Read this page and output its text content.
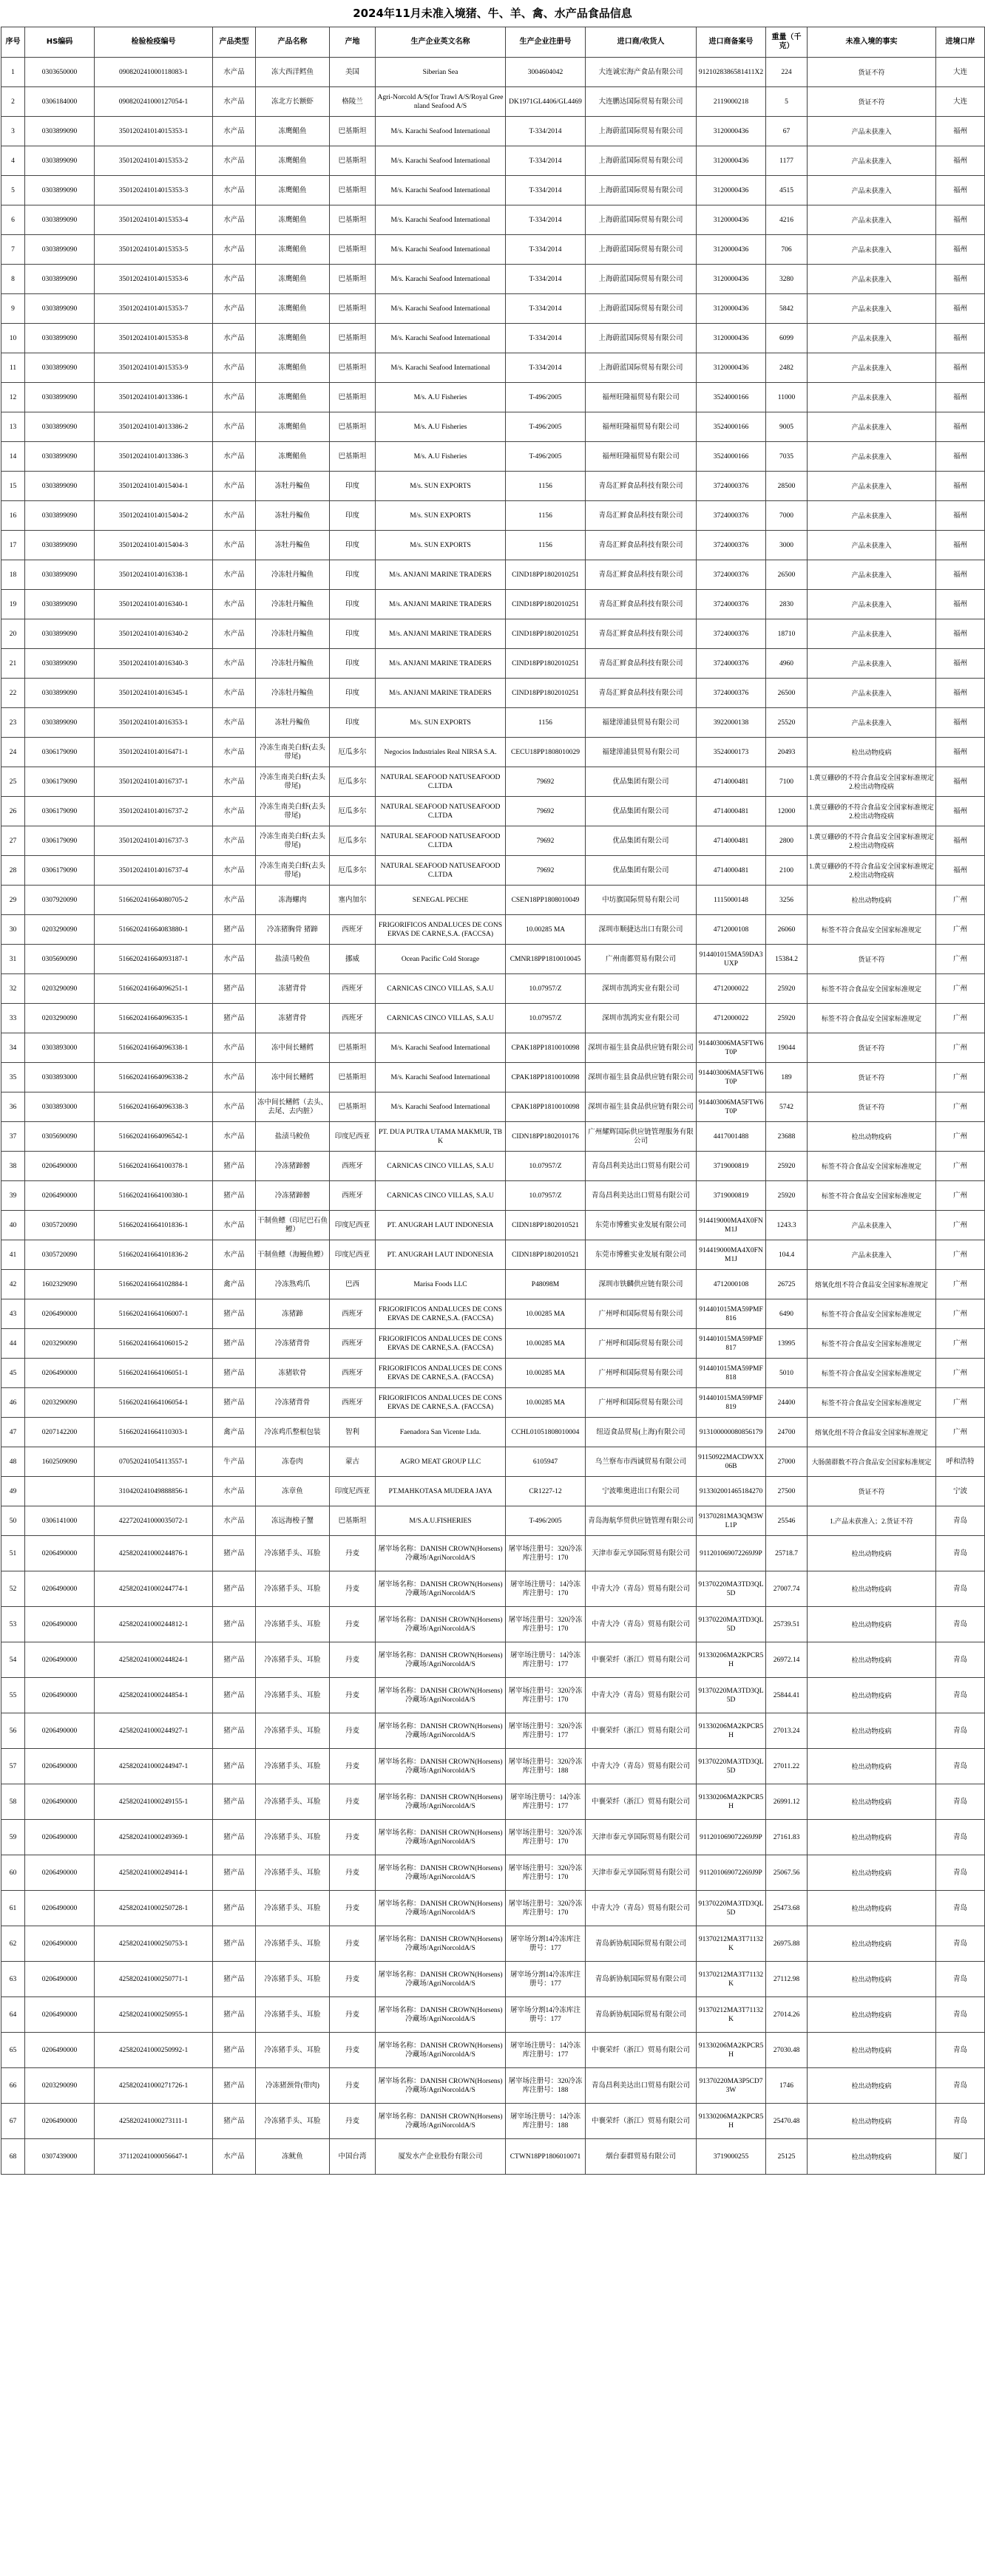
2024年11月未准入境猪、牛、羊、禽、水产品食品信息
序号	HS编码	检验检疫编号	产品类型	产品名称	产地	生产企业英文名称	生产企业注册号	进口商/收货人	进口商备案号	重量（千克）	未准入境的事实	进境口岸
1	0303650000	090820241000118083-1	水产品	冻大西洋鳕鱼	美国	Siberian Sea	3004604042	大连诚宏海产食品有限公司	9121028386581411X2	224	货证不符	大连
2	0306184000	090820241000127054-1	水产品	冻北方长额虾	格陵兰	Agri-Norcold A/S(for Trawl A/S/Royal Greenland Seafood A/S	DK1971GL4406/GL4469	大连鹏达国际贸易有限公司	2119000218	5	货证不符	大连
3	0303899090	350120241014015353-1	水产品	冻鹰鲳鱼	巴基斯坦	M/s. Karachi Seafood International	T-334/2014	上海蔚蓝国际贸易有限公司	3120000436	67	产品未获准入	福州
4	0303899090	350120241014015353-2	水产品	冻鹰鲳鱼	巴基斯坦	M/s. Karachi Seafood International	T-334/2014	上海蔚蓝国际贸易有限公司	3120000436	1177	产品未获准入	福州
5	0303899090	350120241014015353-3	水产品	冻鹰鲳鱼	巴基斯坦	M/s. Karachi Seafood International	T-334/2014	上海蔚蓝国际贸易有限公司	3120000436	4515	产品未获准入	福州
6	0303899090	350120241014015353-4	水产品	冻鹰鲳鱼	巴基斯坦	M/s. Karachi Seafood International	T-334/2014	上海蔚蓝国际贸易有限公司	3120000436	4216	产品未获准入	福州
7	0303899090	350120241014015353-5	水产品	冻鹰鲳鱼	巴基斯坦	M/s. Karachi Seafood International	T-334/2014	上海蔚蓝国际贸易有限公司	3120000436	706	产品未获准入	福州
8	0303899090	350120241014015353-6	水产品	冻鹰鲳鱼	巴基斯坦	M/s. Karachi Seafood International	T-334/2014	上海蔚蓝国际贸易有限公司	3120000436	3280	产品未获准入	福州
9	0303899090	350120241014015353-7	水产品	冻鹰鲳鱼	巴基斯坦	M/s. Karachi Seafood International	T-334/2014	上海蔚蓝国际贸易有限公司	3120000436	5842	产品未获准入	福州
10	0303899090	350120241014015353-8	水产品	冻鹰鲳鱼	巴基斯坦	M/s. Karachi Seafood International	T-334/2014	上海蔚蓝国际贸易有限公司	3120000436	6099	产品未获准入	福州
11	0303899090	350120241014015353-9	水产品	冻鹰鲳鱼	巴基斯坦	M/s. Karachi Seafood International	T-334/2014	上海蔚蓝国际贸易有限公司	3120000436	2482	产品未获准入	福州
12	0303899090	350120241014013386-1	水产品	冻鹰鲳鱼	巴基斯坦	M/s. A.U Fisheries	T-496/2005	福州旺隆福贸易有限公司	3524000166	11000	产品未获准入	福州
13	0303899090	350120241014013386-2	水产品	冻鹰鲳鱼	巴基斯坦	M/s. A.U Fisheries	T-496/2005	福州旺隆福贸易有限公司	3524000166	9005	产品未获准入	福州
14	0303899090	350120241014013386-3	水产品	冻鹰鲳鱼	巴基斯坦	M/s. A.U Fisheries	T-496/2005	福州旺隆福贸易有限公司	3524000166	7035	产品未获准入	福州
15	0303899090	350120241014015404-1	水产品	冻牡丹鳊鱼	印度	M/s. SUN EXPORTS	1156	青岛汇鲜食品科技有限公司	3724000376	28500	产品未获准入	福州
16	0303899090	350120241014015404-2	水产品	冻牡丹鳊鱼	印度	M/s. SUN EXPORTS	1156	青岛汇鲜食品科技有限公司	3724000376	7000	产品未获准入	福州
17	0303899090	350120241014015404-3	水产品	冻牡丹鳊鱼	印度	M/s. SUN EXPORTS	1156	青岛汇鲜食品科技有限公司	3724000376	3000	产品未获准入	福州
18	0303899090	350120241014016338-1	水产品	冷冻牡丹鳊鱼	印度	M/s. ANJANI MARINE TRADERS	CIND18PP1802010251	青岛汇鲜食品科技有限公司	3724000376	26500	产品未获准入	福州
19	0303899090	350120241014016340-1	水产品	冷冻牡丹鳊鱼	印度	M/s. ANJANI MARINE TRADERS	CIND18PP1802010251	青岛汇鲜食品科技有限公司	3724000376	2830	产品未获准入	福州
20	0303899090	350120241014016340-2	水产品	冷冻牡丹鳊鱼	印度	M/s. ANJANI MARINE TRADERS	CIND18PP1802010251	青岛汇鲜食品科技有限公司	3724000376	18710	产品未获准入	福州
21	0303899090	350120241014016340-3	水产品	冷冻牡丹鳊鱼	印度	M/s. ANJANI MARINE TRADERS	CIND18PP1802010251	青岛汇鲜食品科技有限公司	3724000376	4960	产品未获准入	福州
22	0303899090	350120241014016345-1	水产品	冷冻牡丹鳊鱼	印度	M/s. ANJANI MARINE TRADERS	CIND18PP1802010251	青岛汇鲜食品科技有限公司	3724000376	26500	产品未获准入	福州
23	0303899090	350120241014016353-1	水产品	冻牡丹鳊鱼	印度	M/s. SUN EXPORTS	1156	福建漳浦县贸易有限公司	3922000138	25520	产品未获准入	福州
24	0306179090	350120241014016471-1	水产品	冷冻生南美白虾(去头带尾)	厄瓜多尔	Negocios Industriales Real NIRSA S.A.	CECU18PP1808010029	福建漳浦县贸易有限公司	3524000173	20493	检出动物疫病	福州
25	0306179090	350120241014016737-1	水产品	冷冻生南美白虾(去头带尾)	厄瓜多尔	NATURAL SEAFOOD NATUSEAFOOD C.LTDA	79692	优品集团有限公司	4714000481	7100	1.黄豆硼砂的不符合食品安全国家标准规定 2.检出动物疫病	福州
26	0306179090	350120241014016737-2	水产品	冷冻生南美白虾(去头带尾)	厄瓜多尔	NATURAL SEAFOOD NATUSEAFOOD C.LTDA	79692	优品集团有限公司	4714000481	12000	1.黄豆硼砂的不符合食品安全国家标准规定 2.检出动物疫病	福州
27	0306179090	350120241014016737-3	水产品	冷冻生南美白虾(去头带尾)	厄瓜多尔	NATURAL SEAFOOD NATUSEAFOOD C.LTDA	79692	优品集团有限公司	4714000481	2800	1.黄豆硼砂的不符合食品安全国家标准规定 2.检出动物疫病	福州
28	0306179090	350120241014016737-4	水产品	冷冻生南美白虾(去头带尾)	厄瓜多尔	NATURAL SEAFOOD NATUSEAFOOD C.LTDA	79692	优品集团有限公司	4714000481	2100	1.黄豆硼砂的不符合食品安全国家标准规定 2.检出动物疫病	福州
29	0307920090	516620241664080705-2	水产品	冻海螺肉	塞内加尔	SENEGAL PECHE	CSEN18PP1808010049	中坊旗国际贸易有限公司	1115000148	3256	检出动物疫病	广州
30	0203290090	516620241664083880-1	猪产品	冷冻猪胸骨 猪蹄	西班牙	FRIGORIFICOS ANDALUCES DE CONSERVAS DE CARNE,S.A. (FACCSA)	10.00285 MA	深圳市顺捷达出口有限公司	4712000108	26060	标签不符合食品安全国家标准规定	广州
31	0305690090	516620241664093187-1	水产品	盐渍马鲛鱼	挪威	Ocean Pacific Cold Storage	CMNR18PP1810010045	广州南都贸易有限公司	914401015MA59DA3UXP	15384.2	货证不符	广州
32	0203290090	516620241664096251-1	猪产品	冻猪背骨	西班牙	CARNICAS CINCO VILLAS, S.A.U	10.07957/Z	深圳市凯鸿实业有限公司	4712000022	25920	标签不符合食品安全国家标准规定	广州
33	0203290090	516620241664096335-1	猪产品	冻猪背骨	西班牙	CARNICAS CINCO VILLAS, S.A.U	10.07957/Z	深圳市凯鸿实业有限公司	4712000022	25920	标签不符合食品安全国家标准规定	广州
34	0303893000	516620241664096338-1	水产品	冻中间长鳍鳕	巴基斯坦	M/s. Karachi Seafood International	CPAK18PP1810010098	深圳市福生县食品供应链有限公司	914403006MA5FTW6T0P	19044	货证不符	广州
35	0303893000	516620241664096338-2	水产品	冻中间长鳍鳕	巴基斯坦	M/s. Karachi Seafood International	CPAK18PP1810010098	深圳市福生县食品供应链有限公司	914403006MA5FTW6T0P	189	货证不符	广州
36	0303893000	516620241664096338-3	水产品	冻中间长鳍鳕（去头、去尾、去内脏）	巴基斯坦	M/s. Karachi Seafood International	CPAK18PP1810010098	深圳市福生县食品供应链有限公司	914403006MA5FTW6T0P	5742	货证不符	广州
37	0305690090	516620241664096542-1	水产品	盐渍马鲛鱼	印度尼西亚	PT. DUA PUTRA UTAMA MAKMUR, TBK	CIDN18PP1802010176	广州耀辉国际供应链管理服务有限公司	4417001488	23688	检出动物疫病	广州
38	0206490000	516620241664100378-1	猪产品	冷冻猪蹄髈	西班牙	CARNICAS CINCO VILLAS, S.A.U	10.07957/Z	青岛昌利美达出口贸易有限公司	3719000819	25920	标签不符合食品安全国家标准规定	广州
39	0206490000	516620241664100380-1	猪产品	冷冻猪蹄髈	西班牙	CARNICAS CINCO VILLAS, S.A.U	10.07957/Z	青岛昌利美达出口贸易有限公司	3719000819	25920	标签不符合食品安全国家标准规定	广州
40	0305720090	516620241664101836-1	水产品	干制鱼鳔（印尼巴石鱼鳔）	印度尼西亚	PT. ANUGRAH LAUT INDONESIA	CIDN18PP1802010521	东莞市博雅实业发展有限公司	914419000MA4X0FNM1J	1243.3	产品未获准入	广州
41	0305720090	516620241664101836-2	水产品	干制鱼鳔（海鳗鱼鳔）	印度尼西亚	PT. ANUGRAH LAUT INDONESIA	CIDN18PP1802010521	东莞市博雅实业发展有限公司	914419000MA4X0FNM1J	104.4	产品未获准入	广州
42	1602329090	516620241664102884-1	禽产品	冷冻熟鸡爪	巴西	Marisa Foods LLC	P48098M	深圳市铁麟供应链有限公司	4712000108	26725	熔氧化组不符合食品安全国家标准规定	广州
43	0206490000	516620241664106007-1	猪产品	冻猪蹄	西班牙	FRIGORIFICOS ANDALUCES DE CONSERVAS DE CARNE,S.A. (FACCSA)	10.00285 MA	广州呼和国际贸易有限公司	914401015MA59PMF816	6490	标签不符合食品安全国家标准规定	广州
44	0203290090	516620241664106015-2	猪产品	冷冻猪背骨	西班牙	FRIGORIFICOS ANDALUCES DE CONSERVAS DE CARNE,S.A. (FACCSA)	10.00285 MA	广州呼和国际贸易有限公司	914401015MA59PMF817	13995	标签不符合食品安全国家标准规定	广州
45	0206490000	516620241664106051-1	猪产品	冻猪软骨	西班牙	FRIGORIFICOS ANDALUCES DE CONSERVAS DE CARNE,S.A. (FACCSA)	10.00285 MA	广州呼和国际贸易有限公司	914401015MA59PMF818	5010	标签不符合食品安全国家标准规定	广州
46	0203290090	516620241664106054-1	猪产品	冷冻猪背骨	西班牙	FRIGORIFICOS ANDALUCES DE CONSERVAS DE CARNE,S.A. (FACCSA)	10.00285 MA	广州呼和国际贸易有限公司	914401015MA59PMF819	24400	标签不符合食品安全国家标准规定	广州
47	0207142200	516620241664110303-1	禽产品	冷冻鸡爪整根包装	智利	Faenadora San Vicente Ltda.	CCHL01051808010004	纽迈食品贸易(上海)有限公司	913100000080856179	24700	熔氧化组不符合食品安全国家标准规定	广州
48	1602509090	070520241054113557-1	牛产品	冻卷肉	蒙古	AGRO MEAT GROUP LLC	6105947	乌兰察布市西诚贸易有限公司	91150922MACDWXX06B	27000	大肠菌群数不符合食品安全国家标准规定	呼和浩特
49		310420241049888856-1	水产品	冻章鱼	印度尼西亚	PT.MAHKOTASA MUDERA JAYA	CR1227-12	宁波唯奥进出口有限公司	913302001465184270	27500	货证不符	宁波
50	0306141000	422720241000035072-1	水产品	冻远海梭子蟹	巴基斯坦	M/S.A.U.FISHERIES	T-496/2005	青岛海航华贸供应链管理有限公司	91370281MA3QM3WL1P	25546	1.产品未获准入；2.货证不符	青岛
51	0206490000	425820241000244876-1	猪产品	冷冻猪手头、耳脸	丹麦	屠宰场名称：DANISH CROWN(Horsens)冷藏场/AgriNorcoldA/S	屠宰场注册号：320冷冻库注册号：170	天津市泰元享国际贸易有限公司	911201069072269J9P	25718.7	检出动物疫病	青岛
52	0206490000	425820241000244774-1	猪产品	冷冻猪手头、耳脸	丹麦	屠宰场名称：DANISH CROWN(Horsens)冷藏场/AgriNorcoldA/S	屠宰场注册号：14冷冻库注册号：170	中青大冷（青岛）贸易有限公司	91370220MA3TD3QL5D	27007.74	检出动物疫病	青岛
53	0206490000	425820241000244812-1	猪产品	冷冻猪手头、耳脸	丹麦	屠宰场名称：DANISH CROWN(Horsens)冷藏场/AgriNorcoldA/S	屠宰场注册号：320冷冻库注册号：170	中青大冷（青岛）贸易有限公司	91370220MA3TD3QL5D	25739.51	检出动物疫病	青岛
54	0206490000	425820241000244824-1	猪产品	冷冻猪手头、耳脸	丹麦	屠宰场名称：DANISH CROWN(Horsens)冷藏场/AgriNorcoldA/S	屠宰场注册号：14冷冻库注册号：177	中襄荣纤（浙江）贸易有限公司	91330206MA2KPCR5H	26972.14	检出动物疫病	青岛
55	0206490000	425820241000244854-1	猪产品	冷冻猪手头、耳脸	丹麦	屠宰场名称：DANISH CROWN(Horsens)冷藏场/AgriNorcoldA/S	屠宰场注册号：320冷冻库注册号：170	中青大冷（青岛）贸易有限公司	91370220MA3TD3QL5D	25844.41	检出动物疫病	青岛
56	0206490000	425820241000244927-1	猪产品	冷冻猪手头、耳脸	丹麦	屠宰场名称：DANISH CROWN(Horsens)冷藏场/AgriNorcoldA/S	屠宰场注册号：320冷冻库注册号：177	中襄荣纤（浙江）贸易有限公司	91330206MA2KPCR5H	27013.24	检出动物疫病	青岛
57	0206490000	425820241000244947-1	猪产品	冷冻猪手头、耳脸	丹麦	屠宰场名称：DANISH CROWN(Horsens)冷藏场/AgriNorcoldA/S	屠宰场注册号：320冷冻库注册号：188	中青大冷（青岛）贸易有限公司	91370220MA3TD3QL5D	27011.22	检出动物疫病	青岛
58	0206490000	425820241000249155-1	猪产品	冷冻猪手头、耳脸	丹麦	屠宰场名称：DANISH CROWN(Horsens)冷藏场/AgriNorcoldA/S	屠宰场注册号：14冷冻库注册号：177	中襄荣纤（浙江）贸易有限公司	91330206MA2KPCR5H	26991.12	检出动物疫病	青岛
59	0206490000	425820241000249369-1	猪产品	冷冻猪手头、耳脸	丹麦	屠宰场名称：DANISH CROWN(Horsens)冷藏场/AgriNorcoldA/S	屠宰场注册号：320冷冻库注册号：170	天津市泰元享国际贸易有限公司	911201069072269J9P	27161.83	检出动物疫病	青岛
60	0206490000	425820241000249414-1	猪产品	冷冻猪手头、耳脸	丹麦	屠宰场名称：DANISH CROWN(Horsens)冷藏场/AgriNorcoldA/S	屠宰场注册号：320冷冻库注册号：170	天津市泰元享国际贸易有限公司	911201069072269J9P	25067.56	检出动物疫病	青岛
61	0206490000	425820241000250728-1	猪产品	冷冻猪手头、耳脸	丹麦	屠宰场名称：DANISH CROWN(Horsens)冷藏场/AgriNorcoldA/S	屠宰场注册号：320冷冻库注册号：170	中青大冷（青岛）贸易有限公司	91370220MA3TD3QL5D	25473.68	检出动物疫病	青岛
62	0206490000	425820241000250753-1	猪产品	冷冻猪手头、耳脸	丹麦	屠宰场名称：DANISH CROWN(Horsens)冷藏场/AgriNorcoldA/S	屠宰场分割14冷冻库注册号：177	青岛新协航国际贸易有限公司	91370212MA3T71132K	26975.88	检出动物疫病	青岛
63	0206490000	425820241000250771-1	猪产品	冷冻猪手头、耳脸	丹麦	屠宰场名称：DANISH CROWN(Horsens)冷藏场/AgriNorcoldA/S	屠宰场分割14冷冻库注册号：177	青岛新协航国际贸易有限公司	91370212MA3T71132K	27112.98	检出动物疫病	青岛
64	0206490000	425820241000250955-1	猪产品	冷冻猪手头、耳脸	丹麦	屠宰场名称：DANISH CROWN(Horsens)冷藏场/AgriNorcoldA/S	屠宰场分割14冷冻库注册号：177	青岛新协航国际贸易有限公司	91370212MA3T71132K	27014.26	检出动物疫病	青岛
65	0206490000	425820241000250992-1	猪产品	冷冻猪手头、耳脸	丹麦	屠宰场名称：DANISH CROWN(Horsens)冷藏场/AgriNorcoldA/S	屠宰场注册号：14冷冻库注册号：177	中襄荣纤（浙江）贸易有限公司	91330206MA2KPCR5H	27030.48	检出动物疫病	青岛
66	0203290090	425820241000271726-1	猪产品	冷冻猪颈骨(带肉)	丹麦	屠宰场名称：DANISH CROWN(Horsens)冷藏场/AgriNorcoldA/S	屠宰场注册号：320冷冻库注册号：188	青岛昌利美达出口贸易有限公司	91370220MA3P5CD73W	1746	检出动物疫病	青岛
67	0206490000	425820241000273111-1	猪产品	冷冻猪手头、耳脸	丹麦	屠宰场名称：DANISH CROWN(Horsens)冷藏场/AgriNorcoldA/S	屠宰场注册号：14冷冻库注册号：188	中襄荣纤（浙江）贸易有限公司	91330206MA2KPCR5H	25470.48	检出动物疫病	青岛
68	0307439000	371120241000056647-1	水产品	冻鱿鱼	中国台湾	厦发水产企业股份有限公司	CTWN18PP1806010071	烟台泰群贸易有限公司	3719000255	25125	检出动物疫病	厦门
